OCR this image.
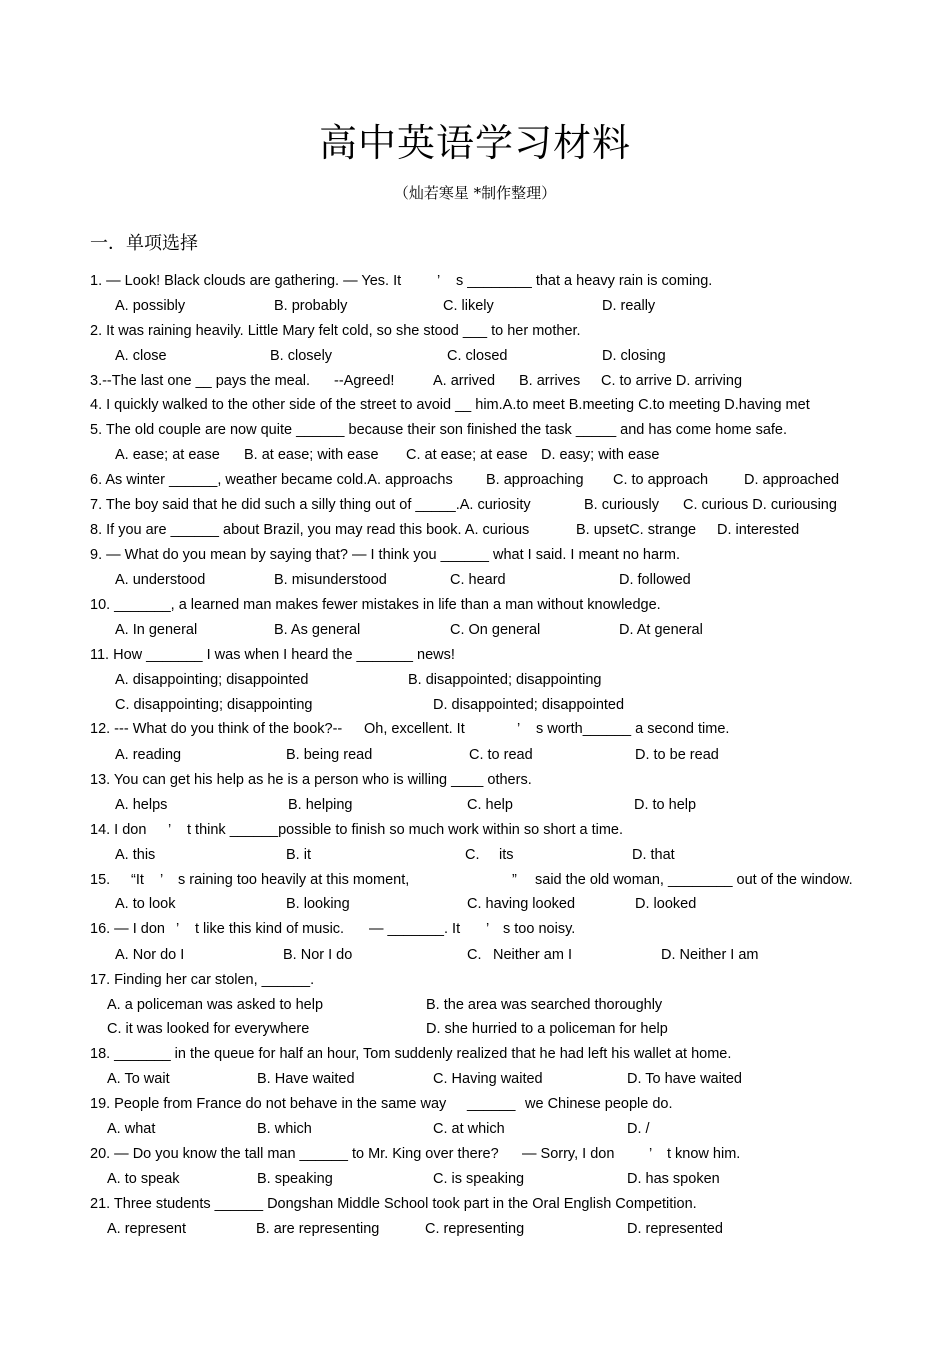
高中英语学习材料
（灿若寒星 *制作整理）
一．单项选择
1. — Look! Black clouds are gathering. — Yes. It ’ s ________ that a heavy rain is coming.
A. possibly	B. probably	C. likely	D. really
2. It was raining heavily. Little Mary felt cold, so she stood ___ to her mother.
A. close	B. closely	C. closed	D. closing
3.--The last one __ pays the meal. --Agreed!	A. arrived B. arrives C. to arrive D. arriving
4. I quickly walked to the other side of the street to avoid __ him.A.to meet B.meeting C.to meeting D.having met
5. The old couple are now quite ______ because their son finished the task _____ and has come home safe.
A. ease; at ease B. at ease; with ease C. at ease; at ease D. easy; with ease
6. As winter ______, weather became cold.A. approachs B. approaching C. to approach D. approached
7. The boy said that he did such a silly thing out of _____.A. curiosity	B. curiously C. curious D. curiousing
8. If you are ______ about Brazil, you may read this book. A. curious	B. upsetC. strange D. interested
9. — What do you mean by saying that? — I think you ______ what I said. I meant no harm.
A. understood	B. misunderstood	C. heard	D. followed
10. _______, a learned man makes fewer mistakes in life than a man without knowledge.
A. In general	B. As general	C. On general	D. At general
11. How _______ I was when I heard the _______ news!
A. disappointing; disappointed	B. disappointed; disappointing
C. disappointing; disappointing	D. disappointed; disappointed
12. --- What do you think of the book?-- Oh, excellent. It	’ s worth______ a second time.
A. reading	B. being read	C. to read	D. to be read
13. You can get his help as he is a person who is willing ____ others.
A. helps	B. helping	C. help	D. to help
14. I don ’ t think ______possible to finish so much work within so short a time.
A. this	B. it	C. its	D. that
15. “It ’ s raining too heavily at this moment,	” said the old woman, ________ out of the window.
A. to look	B. looking	C. having looked	D. looked
16. — I don ’ t like this kind of music. — _______. It ’ s too noisy.
A. Nor do I	B. Nor I do	C. Neither am I	D. Neither I am
17. Finding her car stolen, ______.
A. a policeman was asked to help	B. the area was searched thoroughly
C. it was looked for everywhere	D. she hurried to a policeman for help
18. _______ in the queue for half an hour, Tom suddenly realized that he had left his wallet at home.
A. To wait	B. Have waited	C. Having waited	D. To have waited
19. People from France do not behave in the same way ______ we Chinese people do.
A. what	B. which	C. at which	D. /
20. — Do you know the tall man ______ to Mr. King over there? — Sorry, I don ’ t know him.
A. to speak	B. speaking	C. is speaking	D. has spoken
21. Three students ______ Dongshan Middle School took part in the Oral English Competition.
A. represent	B. are representing	C. representing	D. represented
